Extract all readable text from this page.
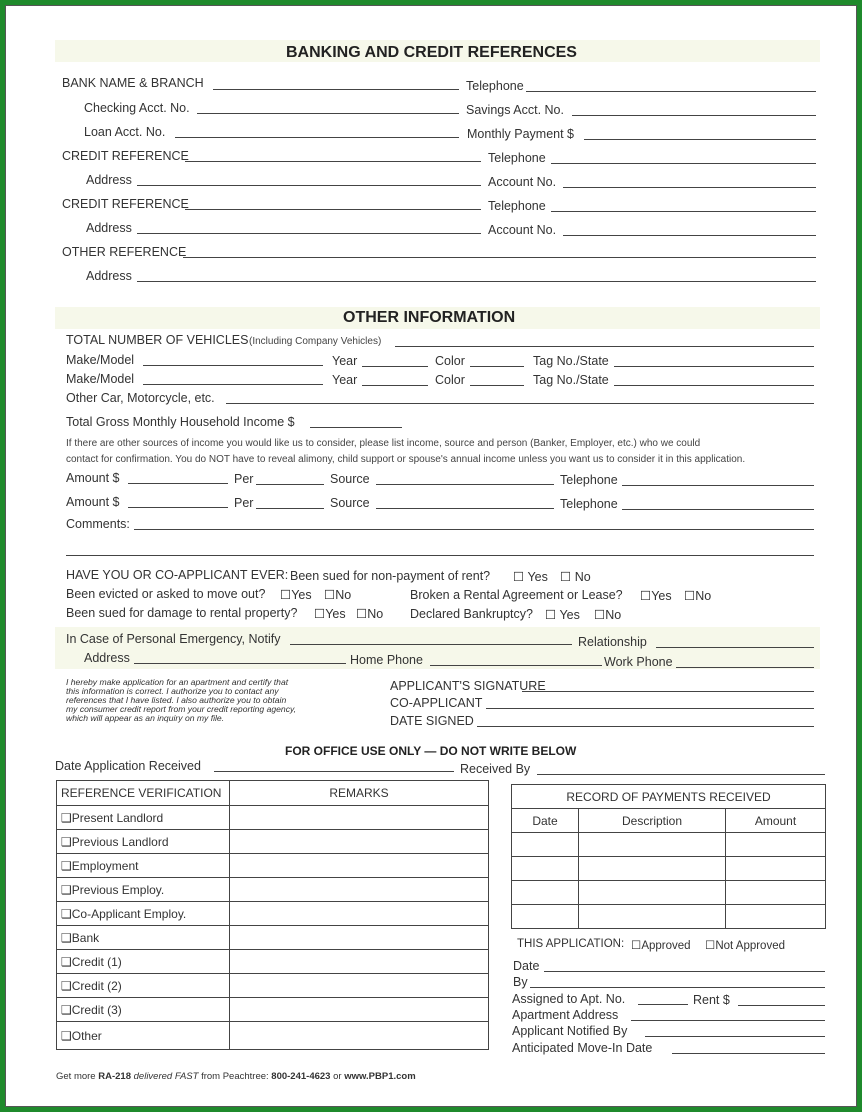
BANKING AND CREDIT REFERENCES
BANK NAME & BRANCH	Telephone
Checking Acct. No.	Savings Acct. No.
Loan Acct. No.	Monthly Payment $
CREDIT REFERENCE	Telephone
Address	Account No.
CREDIT REFERENCE	Telephone
Address	Account No.
OTHER REFERENCE
Address
OTHER INFORMATION
TOTAL NUMBER OF VEHICLES (Including Company Vehicles)
Make/Model	Year	Color	Tag No./State
Make/Model	Year	Color	Tag No./State
Other Car, Motorcycle, etc.
Total Gross Monthly Household Income $
If there are other sources of income you would like us to consider, please list income, source and person (Banker, Employer, etc.) who we could
contact for confirmation. You do NOT have to reveal alimony, child support or spouse's annual income unless you want us to consider it in this application.
Amount $	Per	Source	Telephone
Amount $	Per	Source	Telephone
Comments:
HAVE YOU OR CO-APPLICANT EVER: Been sued for non-payment of rent? ☐ Yes ☐ No
Been evicted or asked to move out? ☐Yes ☐No	Broken a Rental Agreement or Lease? ☐Yes ☐No
Been sued for damage to rental property? ☐Yes ☐No Declared Bankruptcy? ☐ Yes ☐No
In Case of Personal Emergency, Notify	Relationship
Address	Home Phone	Work Phone
I hereby make application for an apartment and certify that
this information is correct. I authorize you to contact any
references that I have listed. I also authorize you to obtain
my consumer credit report from your credit reporting agency,
which will appear as an inquiry on my file.
APPLICANT'S SIGNATURE
CO-APPLICANT
DATE SIGNED
FOR OFFICE USE ONLY — DO NOT WRITE BELOW
Date Application Received	Received By
REFERENCE VERIFICATION	REMARKS
❑Present Landlord	
❑Previous Landlord	
❑Employment	
❑Previous Employ.	
❑Co-Applicant Employ.	
❑Bank	
❑Credit (1)	
❑Credit (2)	
❑Credit (3)	
❑Other	
RECORD OF PAYMENTS RECEIVED		
Date	Description	Amount

THIS APPLICATION: ☐Approved ☐Not Approved
Date
By
Assigned to Apt. No.	Rent $
Apartment Address
Applicant Notified By
Anticipated Move-In Date
Get more RA-218 delivered FAST from Peachtree: 800-241-4623 or www.PBP1.com
